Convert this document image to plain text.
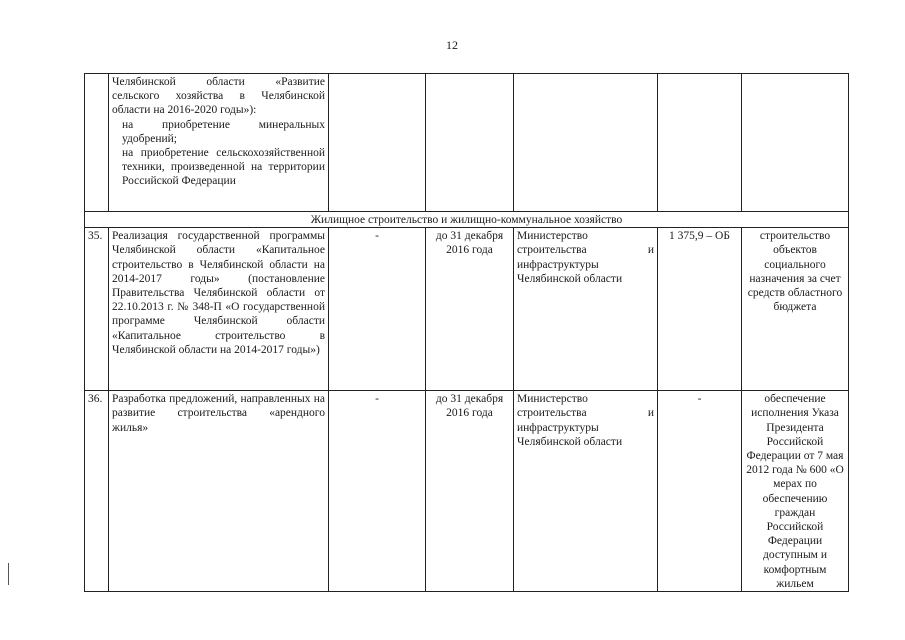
12

	Челябинской области «Развитие
сельского хозяйства в Челябинской
области на 2016-2020 годы»):
на приобретение минеральных удобрений;
на приобретение сельскохозяйственной техники, произведенной на территории Российской Федерации					

Жилищное строительство и жилищно-коммунальное хозяйство						
35.	Реализация государственной программы Челябинской области «Капитальное строительство в Челябинской области на 2014-2017 годы» (постановление Правительства Челябинской области от 22.10.2013 г. № 348-П «О государственной программе Челябинской области «Капитальное строительство в Челябинской области на 2014-2017 годы»)	-	до 31 декабря 2016 года	Министерство строительства и инфраструктуры Челябинской области	1 375,9 – ОБ	строительство объектов социального назначения за счет средств областного бюджета
36.	Разработка предложений, направленных на развитие строительства «арендного жилья»	-	до 31 декабря 2016 года	Министерство строительства и инфраструктуры Челябинской области	-	обеспечение исполнения Указа Президента Российской Федерации от 7 мая 2012 года № 600 «О мерах по обеспечению граждан Российской Федерации доступным и комфортным жильем
